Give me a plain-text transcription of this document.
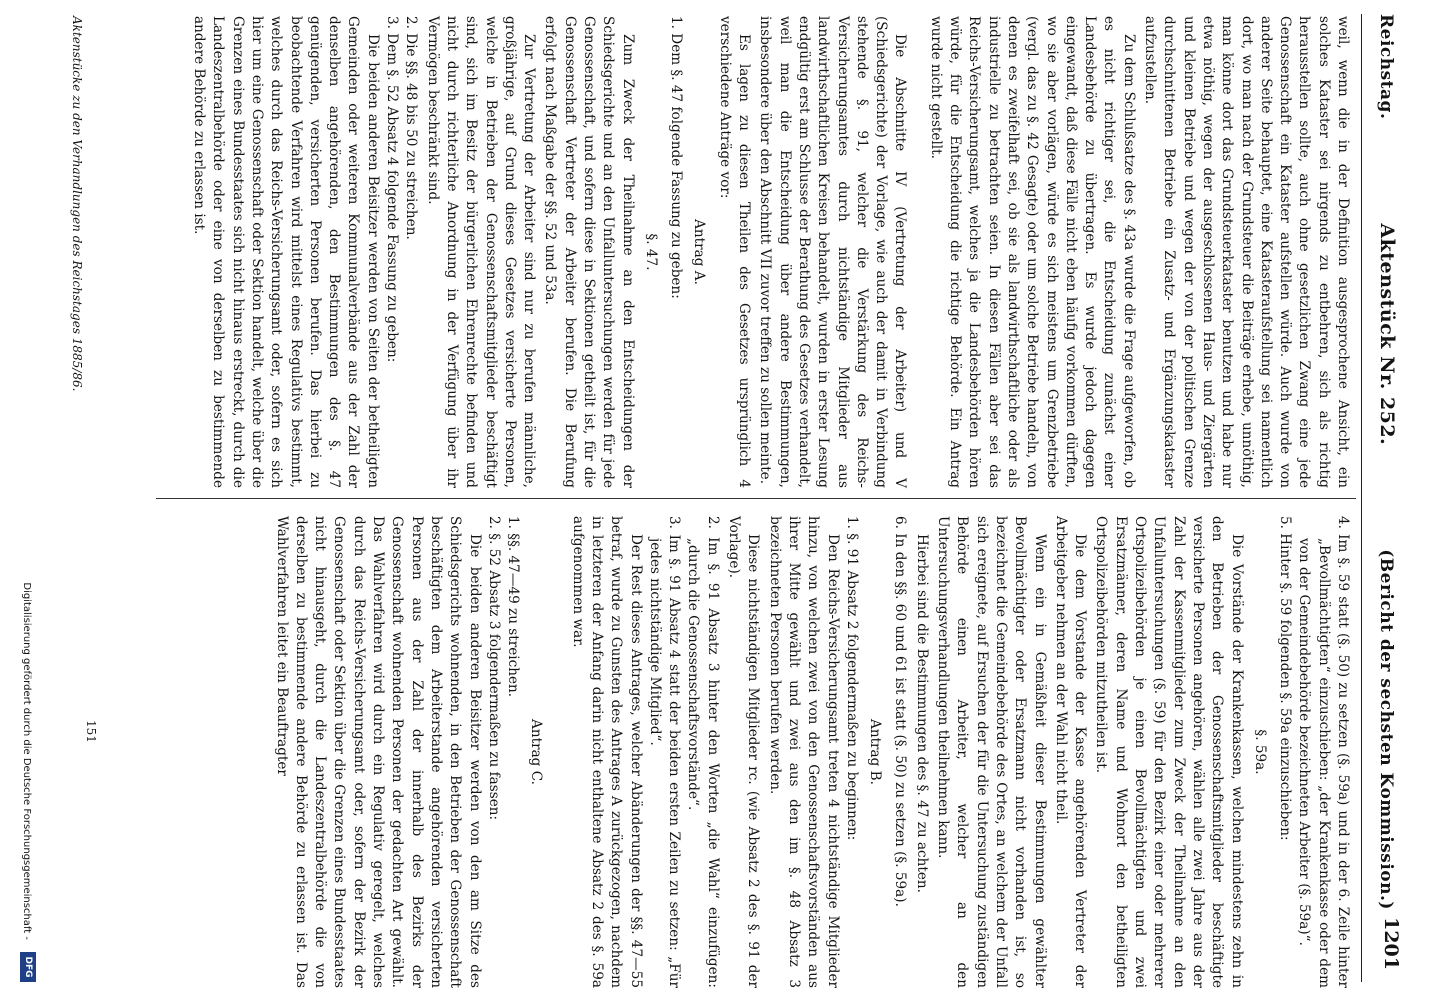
Reichstag.
Aktenstück Nr. 252.
(Bericht der sechsten Kommission.)
1201

weil, wenn die in der Definition ausgesprochene Ansicht, ein solches Kataster sei nirgends zu entbehren, sich als richtig herausstellen sollte, auch ohne gesetzlichen Zwang eine jede Genossenschaft ein Kataster aufstellen würde. Auch wurde von anderer Seite behauptet, eine Katasteraufstellung sei namentlich dort, wo man nach der Grundsteuer die Beiträge erhebe, unnöthig, man könne dort das Grundsteuerkataster benutzen und habe nur etwa nöthig, wegen der ausgeschlossenen Haus- und Ziergärten und kleinen Betriebe und wegen der von der politischen Grenze durchschnittenen Betriebe ein Zusatz- und Ergänzungskataster aufzustellen.

Zu dem Schlußsatze des §. 43a wurde die Frage aufgeworfen, ob es nicht richtiger sei, die Entscheidung zunächst einer Landesbehörde zu übertragen. Es wurde jedoch dagegen eingewandt, daß diese Fälle nicht eben häufig vorkommen dürften, wo sie aber vorlägen, würde es sich meistens um Grenzbetriebe (vergl. das zu §. 42 Gesagte) oder um solche Betriebe handeln, von denen es zweifelhaft sei, ob sie als landwirthschaftliche oder als industrielle zu betrachten seien. In diesen Fällen aber sei das Reichs-Versicherungsamt, welches ja die Landesbehörden hören würde, für die Entscheidung die richtige Behörde. Ein Antrag wurde nicht gestellt.

Die Abschnitte IV (Vertretung der Arbeiter) und V (Schiedsgerichte) der Vorlage, wie auch der damit in Verbindung stehende §. 91, welcher die Verstärkung des Reichs-Versicherungsamtes durch nichtständige Mitglieder aus landwirthschaftlichen Kreisen behandelt, wurden in erster Lesung endgültig erst am Schlusse der Berathung des Gesetzes verhandelt, weil man die Entscheidung über andere Bestimmungen, insbesondere über den Abschnitt VII zuvor treffen zu sollen meinte.

Es lagen zu diesen Theilen des Gesetzes ursprünglich 4 verschiedene Anträge vor:

Antrag A.

1. Dem §. 47 folgende Fassung zu geben:

§. 47.

Zum Zweck der Theilnahme an den Entscheidungen der Schiedsgerichte und an den Unfalluntersuchungen werden für jede Genossenschaft, und sofern diese in Sektionen getheilt ist, für die Genossenschaft Vertreter der Arbeiter berufen. Die Berufung erfolgt nach Maßgabe der §§. 52 und 53a.

Zur Vertretung der Arbeiter sind nur zu berufen männliche, großjährige, auf Grund dieses Gesetzes versicherte Personen, welche in Betrieben der Genossenschaftsmitglieder beschäftigt sind, sich im Besitz der bürgerlichen Ehrenrechte befinden und nicht durch richterliche Anordnung in der Verfügung über ihr Vermögen beschränkt sind.

2. Die §§. 48 bis 50 zu streichen.

3. Dem §. 52 Absatz 4 folgende Fassung zu geben:

Die beiden anderen Beisitzer werden von Seiten der betheiligten Gemeinden oder weiteren Kommunalverbände aus der Zahl der denselben angehörenden, den Bestimmungen des §. 47 genügenden, versicherten Personen berufen. Das hierbei zu beobachtende Verfahren wird mittelst eines Regulativs bestimmt, welches durch das Reichs-Versicherungsamt oder, sofern es sich hier um eine Genossenschaft oder Sektion handelt, welche über die Grenzen eines Bundesstaates sich nicht hinaus erstreckt, durch die Landeszentralbehörde oder eine von derselben zu bestimmende andere Behörde zu erlassen ist.

4. Im §. 59 statt (§. 50) zu setzen (§. 59a) und in der 6. Zeile hinter „Bevollmächtigten“ einzuschieben: „der Krankenkasse oder dem von der Gemeindebehörde bezeichneten Arbeiter (§. 59a)“.

5. Hinter §. 59 folgenden §. 59a einzuschieben:

§. 59a.

Die Vorstände der Krankenkassen, welchen mindestens zehn in den Betrieben der Genossenschaftsmitglieder beschäftigte versicherte Personen angehören, wählen alle zwei Jahre aus der Zahl der Kassenmitglieder zum Zweck der Theilnahme an den Unfalluntersuchungen (§. 59) für den Bezirk einer oder mehrerer Ortspolizeibehörden je einen Bevollmächtigten und zwei Ersatzmänner, deren Name und Wohnort den betheiligten Ortspolizeibehörden mitzutheilen ist.

Die dem Vorstande der Kasse angehörenden Vertreter der Arbeitgeber nehmen an der Wahl nicht theil.

Wenn ein in Gemäßheit dieser Bestimmungen gewählter Bevollmächtigter oder Ersatzmann nicht vorhanden ist, so bezeichnet die Gemeindebehörde des Ortes, an welchem der Unfall sich ereignete, auf Ersuchen der für die Untersuchung zuständigen Behörde einen Arbeiter, welcher an den Untersuchungsverhandlungen theilnehmen kann.

Hierbei sind die Bestimmungen des §. 47 zu achten.

6. In den §§. 60 und 61 ist statt (§. 50) zu setzen (§. 59a).

Antrag B.

1. §. 91 Absatz 2 folgendermaßen zu beginnen:

Den Reichs-Versicherungsamt treten 4 nichtständige Mitglieder hinzu, von welchen zwei von den Genossenschaftsvorständen aus ihrer Mitte gewählt und zwei aus den im §. 48 Absatz 3 bezeichneten Personen berufen werden.

Diese nichtständigen Mitglieder rc. (wie Absatz 2 des §. 91 der Vorlage).

2. Im §. 91 Absatz 3 hinter den Worten „die Wahl“ einzufügen: „durch die Genossenschaftsvorstände“.

3. Im §. 91 Absatz 4 statt der beiden ersten Zeilen zu setzen: „Für jedes nichtständige Mitglied“.

Der Rest dieses Antrages, welcher Abänderungen der §§. 47—55 betraf, wurde zu Gunsten des Antrages A zurückgezogen, nachdem in letzteren der Anfang darin nicht enthaltene Absatz 2 des §. 59a aufgenommen war.

Antrag C.

1. §§. 47—49 zu streichen.

2. §. 52 Absatz 3 folgendermaßen zu fassen:

Die beiden anderen Beisitzer werden von den am Sitze des Schiedsgerichts wohnenden, in den Betrieben der Genossenschaft beschäftigten dem Arbeiterstande angehörenden versicherten Personen aus der Zahl der innerhalb des Bezirks der Genossenschaft wohnenden Personen der gedachten Art gewählt. Das Wahlverfahren wird durch ein Regulativ geregelt, welches durch das Reichs-Versicherungsamt oder, sofern der Bezirk der Genossenschaft oder Sektion über die Grenzen eines Bundesstaates nicht hinausgeht, durch die Landeszentralbehörde die von derselben zu bestimmende andere Behörde zu erlassen ist. Das Wahlverfahren leitet ein Beauftragter

Aktenstücke zu den Verhandlungen des Reichstages 1885/86.
151
Digitalisierung gefördert durch die Deutsche Forschungsgemeinschaft -
DFG
